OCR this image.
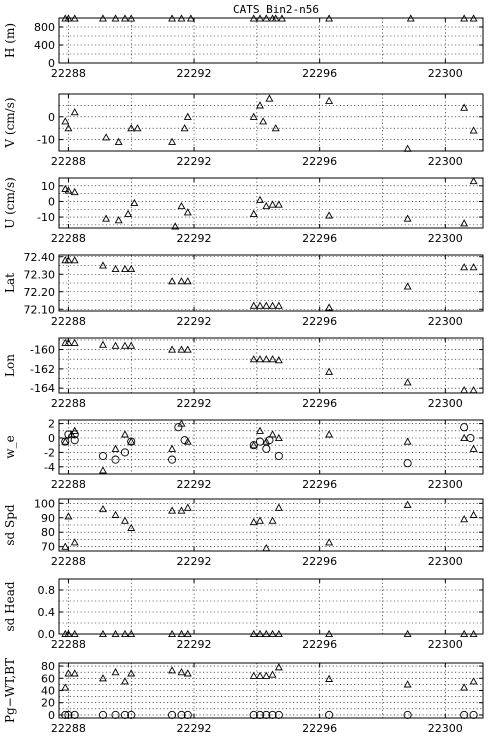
CATS Bin2-n56
0
400
800
22288	22292	22296	22300
H (m)
-10
0
22288	22292	22296	22300
V (cm/s)
-10
0
10
22288	22292	22296	22300
U (cm/s)
72.10
72.20
72.30
72.40
22288	22292	22296	22300
Lat
-164
-162
-160
22288	22292	22296	22300
Lon
-4
-2
0
2
22288	22292	22296	22300
w_e
70
80
90
100
22288	22292	22296	22300
sd Spd
0.0
0.4
0.8
22288	22292	22296	22300
sd Head
0
20
40
60
80
22288	22292	22296	22300
Pg−WT,BT
